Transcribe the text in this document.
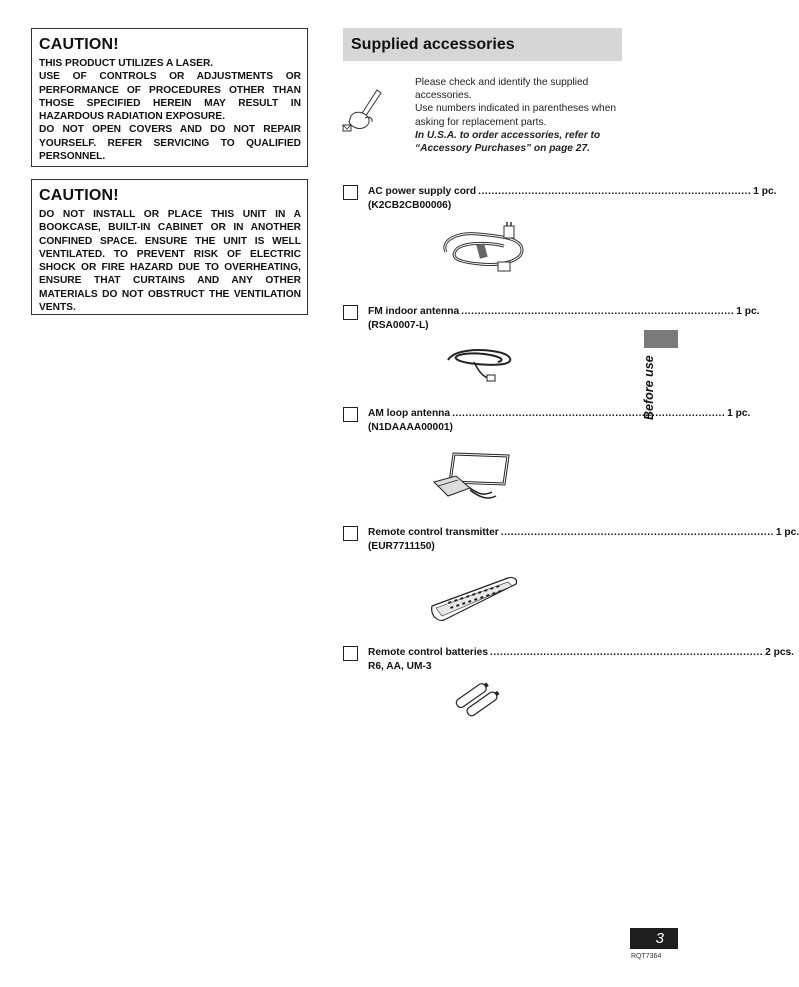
CAUTION!

THIS PRODUCT UTILIZES A LASER.

USE OF CONTROLS OR ADJUSTMENTS OR PERFORMANCE OF PROCEDURES OTHER THAN THOSE SPECIFIED HEREIN MAY RESULT IN HAZARDOUS RADIATION EXPOSURE.

DO NOT OPEN COVERS AND DO NOT REPAIR YOURSELF. REFER SERVICING TO QUALIFIED PERSONNEL.

CAUTION!

DO NOT INSTALL OR PLACE THIS UNIT IN A BOOKCASE, BUILT-IN CABINET OR IN ANOTHER CONFINED SPACE. ENSURE THE UNIT IS WELL VENTILATED. TO PREVENT RISK OF ELECTRIC SHOCK OR FIRE HAZARD DUE TO OVERHEATING, ENSURE THAT CURTAINS AND ANY OTHER MATERIALS DO NOT OBSTRUCT THE VENTILATION VENTS.

Supplied accessories

Please check and identify the supplied accessories.

Use numbers indicated in parentheses when asking for replacement parts.

In U.S.A. to order accessories, refer to “Accessory Purchases” on page 27.

AC power supply cord .................................................................................. 1 pc.
(K2CB2CB00006)
FM indoor antenna .................................................................................. 1 pc.
(RSA0007-L)
AM loop antenna .................................................................................. 1 pc.
(N1DAAAA00001)
Remote control transmitter .................................................................................. 1 pc.
(EUR7711150)
Remote control batteries .................................................................................. 2 pcs.
R6, AA, UM-3
Before use
3
RQT7364
